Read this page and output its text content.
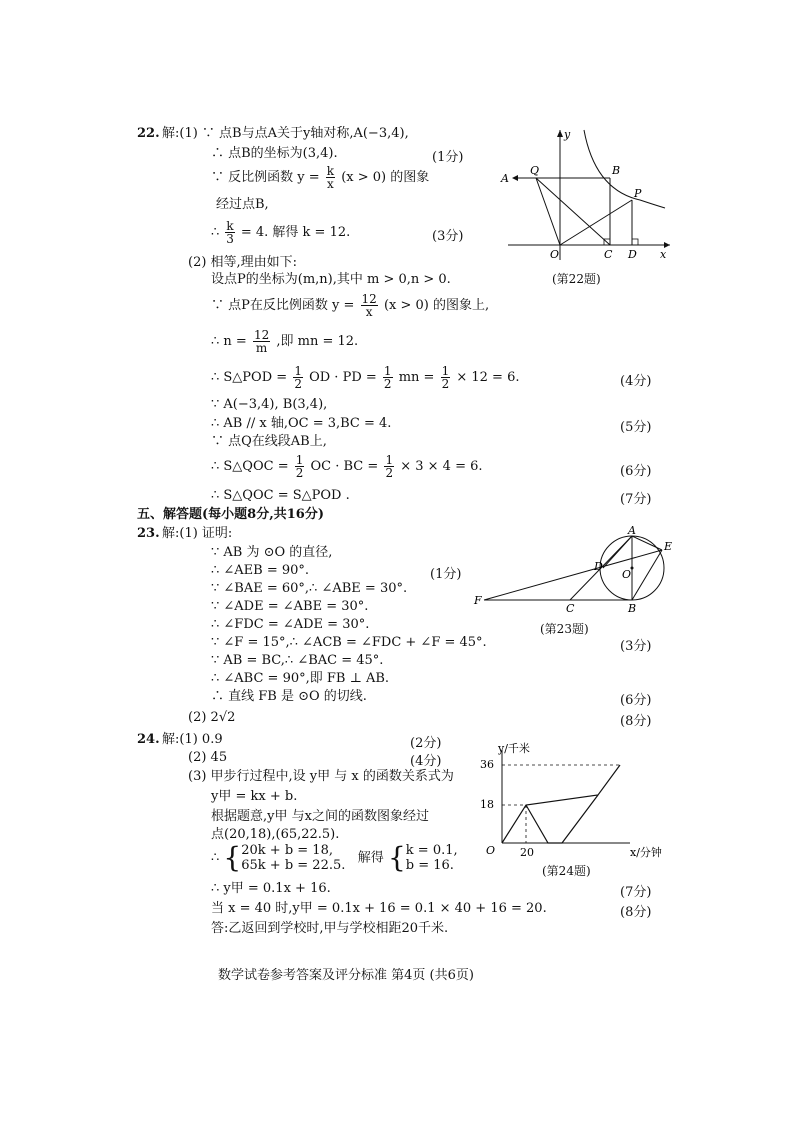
22. 解:(1) ∵ 点B与点A关于y轴对称,A(−3,4),
∴ 点B的坐标为(3,4).	(1分)
∵ 反比例函数 $y = \frac{k}{x} (x > 0)$ 的图象
经过点B,
∴ $\frac{k}{3} = 4$. 解得 k = 12.	(3分)
(2) 相等,理由如下:
设点P的坐标为(m,n),其中 m > 0,n > 0.
∵ 点P在反比例函数 $y = \frac{12}{x} (x > 0)$ 的图象上,
∴ $n = \frac{12}{m}$ ,即 mn = 12.
∴ S△POD = $\frac{1}{2}$ OD · PD = $\frac{1}{2}$ mn = $\frac{1}{2} \times 12 = 6$.	(4分)
∵ A(−3,4), B(3,4),
∴ AB // x 轴,OC = 3,BC = 4.	(5分)
∵ 点Q在线段AB上,
∴ S△QOC = $\frac{1}{2}$ OC · BC = $\frac{1}{2} \times 3 \times 4 = 6$.	(6分)
∴ S△QOC = S△POD .	(7分)
y
x
A
Q	B
P
O	C D
(第22题)
五、解答题(每小题8分,共16分)
23. 解:(1) 证明:
∵ AB 为 ⊙O 的直径,
∴ ∠AEB = 90°.	(1分)
∵ ∠BAE = 60°,∴ ∠ABE = 30°.
∵ ∠ADE = ∠ABE = 30°.
∴ ∠FDC = ∠ADE = 30°.
∵ ∠F = 15°,∴ ∠ACB = ∠FDC + ∠F = 45°.	(3分)
∵ AB = BC,∴ ∠BAC = 45°.
∴ ∠ABC = 90°,即 FB ⊥ AB.
∴ 直线 FB 是 ⊙O 的切线.	(6分)
(2) 2√2	(8分)
A
E
D
O
F
C	B
(第23题)
24. 解:(1) 0.9	(2分)
(2) 45	(4分)
(3) 甲步行过程中,设 y甲 与 x 的函数关系式为
y甲 = kx + b.
根据题意,y甲 与x之间的函数图象经过
点(20,18),(65,22.5).
∴ {20k + b = 18,
65k + b = 22.5. 解得 {k = 0.1,
b = 16.
∴ y甲 = 0.1x + 16.	(7分)
当 x = 40 时,y甲 = 0.1x + 16 = 0.1 × 40 + 16 = 20.	(8分)
答:乙返回到学校时,甲与学校相距20千米.
36
18
20
O
y/千米
x/分钟
(第24题)
数学试卷参考答案及评分标准 第4页 (共6页)
